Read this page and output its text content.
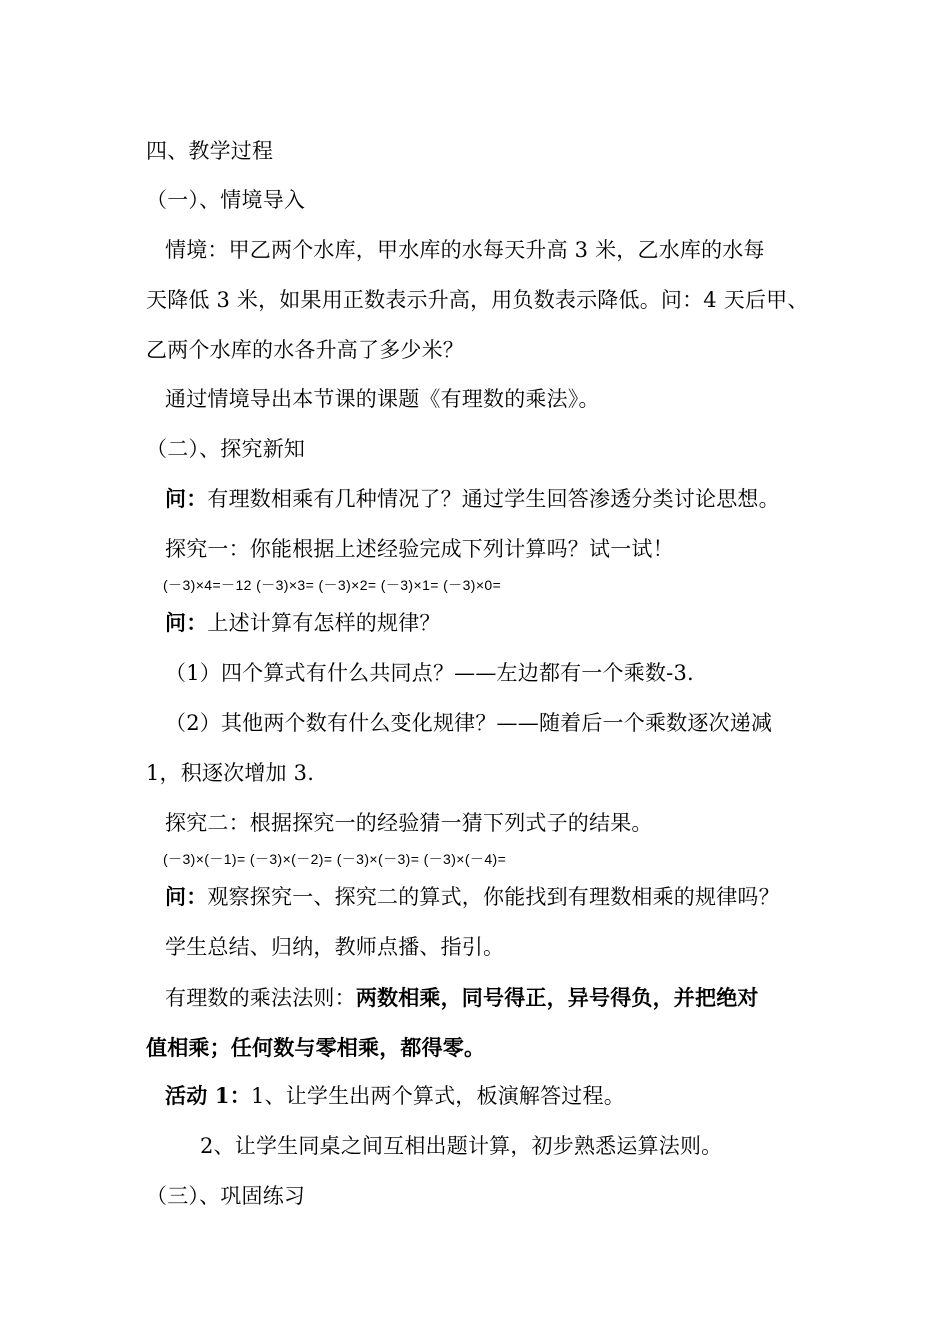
四、教学过程
（一）、情境导入
情境：甲乙两个水库，甲水库的水每天升高 3 米，乙水库的水每
天降低 3 米，如果用正数表示升高，用负数表示降低。问：4 天后甲、
乙两个水库的水各升高了多少米？
通过情境导出本节课的课题《有理数的乘法》。
（二）、探究新知
问：有理数相乘有几种情况了？通过学生回答渗透分类讨论思想。
探究一：你能根据上述经验完成下列计算吗？试一试！
(－3)×4=－12 (－3)×3= (－3)×2= (－3)×1= (－3)×0=
问：上述计算有怎样的规律？
（1）四个算式有什么共同点？——左边都有一个乘数-3.
（2）其他两个数有什么变化规律？——随着后一个乘数逐次递减
1，积逐次增加 3.
探究二：根据探究一的经验猜一猜下列式子的结果。
(－3)×(－1)= (－3)×(－2)= (－3)×(－3)= (－3)×(－4)=
问：观察探究一、探究二的算式，你能找到有理数相乘的规律吗？
学生总结、归纳，教师点播、指引。
有理数的乘法法则：两数相乘，同号得正，异号得负，并把绝对
值相乘；任何数与零相乘，都得零。
活动 1：1、让学生出两个算式，板演解答过程。
2、让学生同桌之间互相出题计算，初步熟悉运算法则。
（三）、巩固练习
